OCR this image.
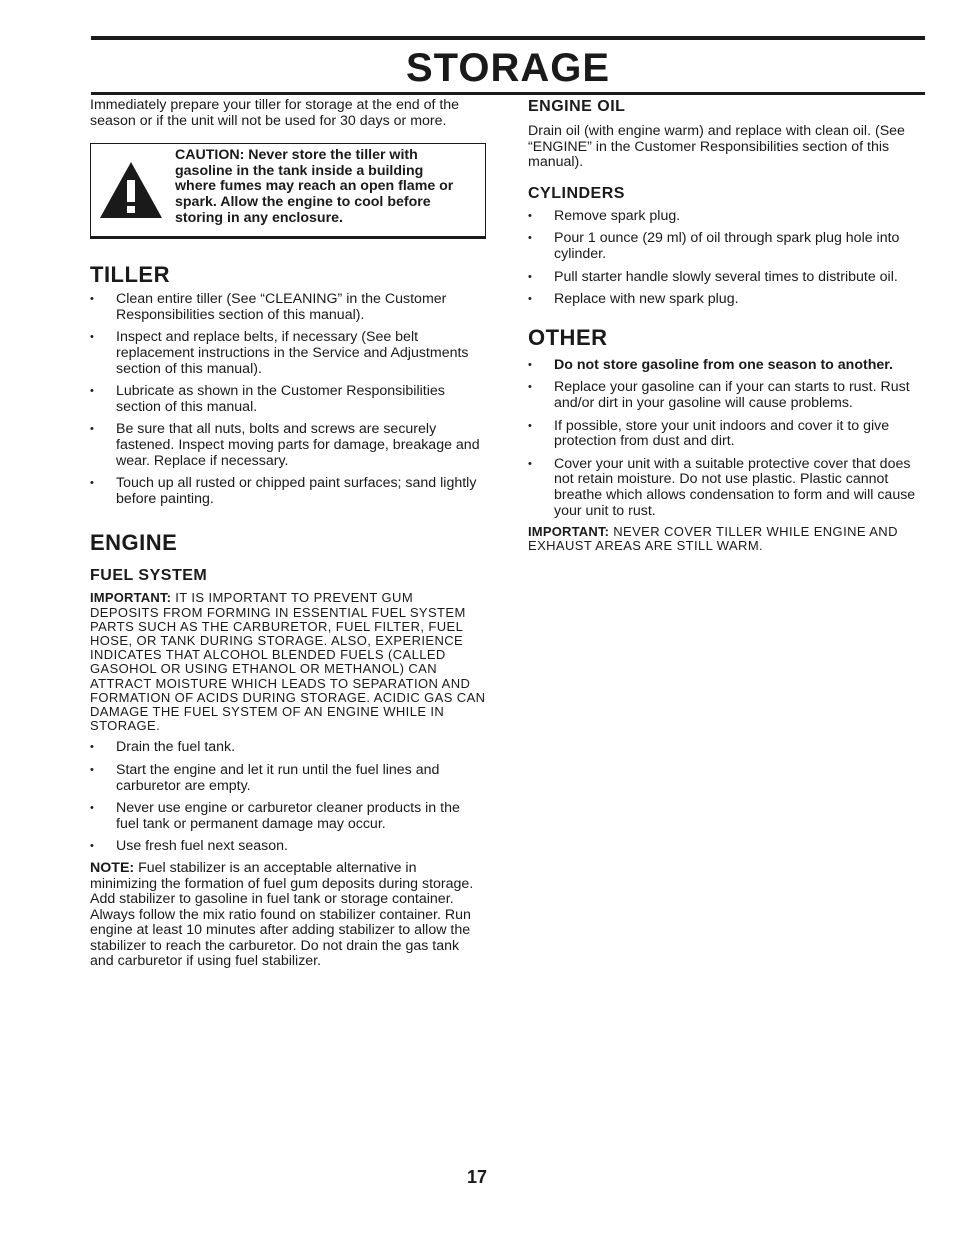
STORAGE

Immediately prepare your tiller for storage at the end of the season or if the unit will not be used for 30 days or more.

CAUTION: Never store the tiller with gasoline in the tank inside a building where fumes may reach an open flame or spark. Allow the engine to cool before storing in any enclosure.
TILLER
• Clean entire tiller (See “CLEANING” in the Customer Responsibilities section of this manual).
• Inspect and replace belts, if necessary (See belt replacement instructions in the Service and Adjustments section of this manual).
• Lubricate as shown in the Customer Responsibilities section of this manual.
• Be sure that all nuts, bolts and screws are securely fastened. Inspect moving parts for damage, breakage and wear. Replace if necessary.
• Touch up all rusted or chipped paint surfaces; sand lightly before painting.
ENGINE
FUEL SYSTEM

IMPORTANT: IT IS IMPORTANT TO PREVENT GUM DEPOSITS FROM FORMING IN ESSENTIAL FUEL SYSTEM PARTS SUCH AS THE CARBURETOR, FUEL FILTER, FUEL HOSE, OR TANK DURING STORAGE. ALSO, EXPERIENCE INDICATES THAT ALCOHOL BLENDED FUELS (CALLED GASOHOL OR USING ETHANOL OR METHANOL) CAN ATTRACT MOISTURE WHICH LEADS TO SEPARATION AND FORMATION OF ACIDS DURING STORAGE. ACIDIC GAS CAN DAMAGE THE FUEL SYSTEM OF AN ENGINE WHILE IN STORAGE.

• Drain the fuel tank.
• Start the engine and let it run until the fuel lines and carburetor are empty.
• Never use engine or carburetor cleaner products in the fuel tank or permanent damage may occur.
• Use fresh fuel next season.

NOTE: Fuel stabilizer is an acceptable alternative in minimizing the formation of fuel gum deposits during storage. Add stabilizer to gasoline in fuel tank or storage container. Always follow the mix ratio found on stabilizer container. Run engine at least 10 minutes after adding stabilizer to allow the stabilizer to reach the carburetor. Do not drain the gas tank and carburetor if using fuel stabilizer.

ENGINE OIL

Drain oil (with engine warm) and replace with clean oil. (See “ENGINE” in the Customer Responsibilities section of this manual).

CYLINDERS
• Remove spark plug.
• Pour 1 ounce (29 ml) of oil through spark plug hole into cylinder.
• Pull starter handle slowly several times to distribute oil.
• Replace with new spark plug.
OTHER
• Do not store gasoline from one season to another.
• Replace your gasoline can if your can starts to rust. Rust and/or dirt in your gasoline will cause problems.
• If possible, store your unit indoors and cover it to give protection from dust and dirt.
• Cover your unit with a suitable protective cover that does not retain moisture. Do not use plastic. Plastic cannot breathe which allows condensation to form and will cause your unit to rust.

IMPORTANT: NEVER COVER TILLER WHILE ENGINE AND EXHAUST AREAS ARE STILL WARM.

17
